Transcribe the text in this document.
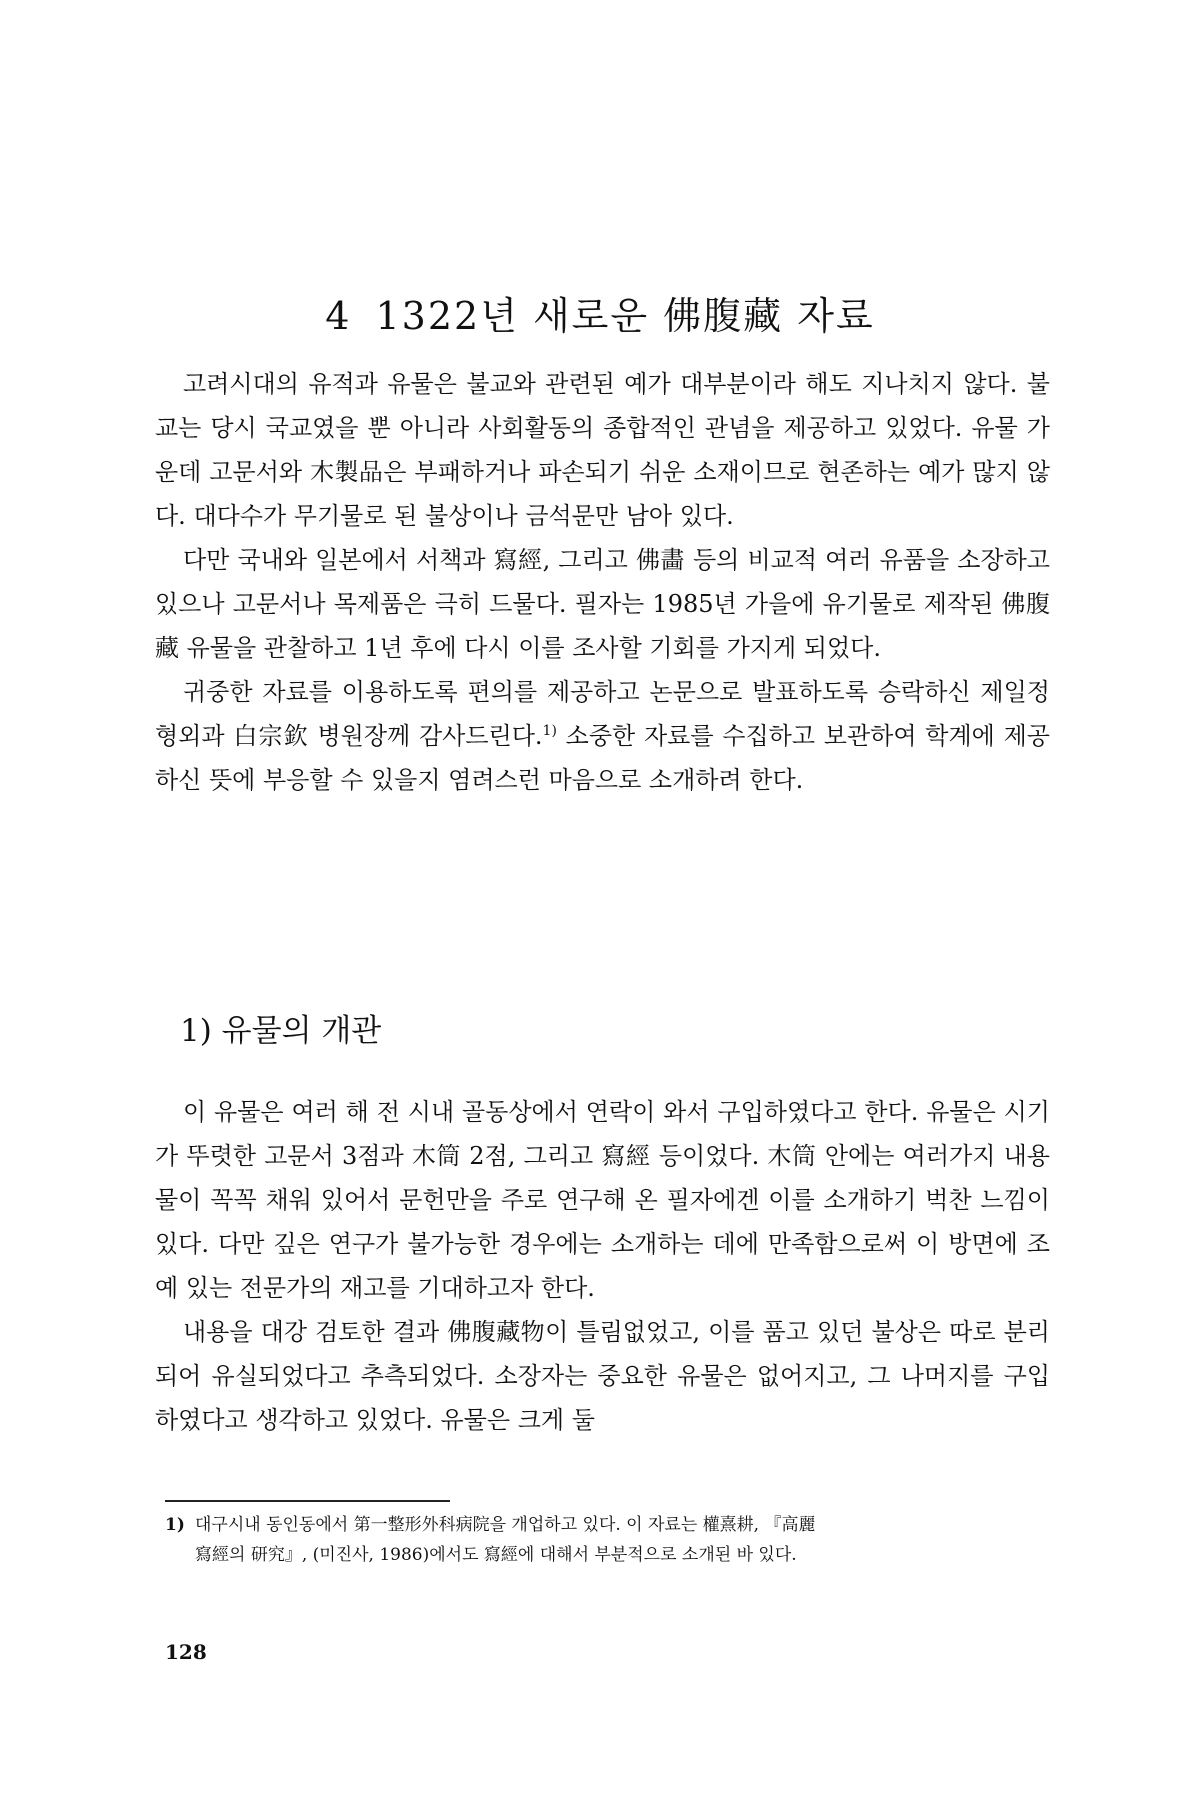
4 1322년 새로운 佛腹藏 자료

고려시대의 유적과 유물은 불교와 관련된 예가 대부분이라 해도 지나치지 않다. 불교는 당시 국교였을 뿐 아니라 사회활동의 종합적인 관념을 제공하고 있었다. 유물 가운데 고문서와 木製品은 부패하거나 파손되기 쉬운 소재이므로 현존하는 예가 많지 않다. 대다수가 무기물로 된 불상이나 금석문만 남아 있다.

다만 국내와 일본에서 서책과 寫經, 그리고 佛畵 등의 비교적 여러 유품을 소장하고 있으나 고문서나 목제품은 극히 드물다. 필자는 1985년 가을에 유기물로 제작된 佛腹藏 유물을 관찰하고 1년 후에 다시 이를 조사할 기회를 가지게 되었다.

귀중한 자료를 이용하도록 편의를 제공하고 논문으로 발표하도록 승락하신 제일정형외과 白宗欽 병원장께 감사드린다.$^{1)}$ 소중한 자료를 수집하고 보관하여 학계에 제공하신 뜻에 부응할 수 있을지 염려스런 마음으로 소개하려 한다.

1) 유물의 개관

이 유물은 여러 해 전 시내 골동상에서 연락이 와서 구입하였다고 한다. 유물은 시기가 뚜렷한 고문서 3점과 木筒 2점, 그리고 寫經 등이었다. 木筒 안에는 여러가지 내용물이 꼭꼭 채워 있어서 문헌만을 주로 연구해 온 필자에겐 이를 소개하기 벅찬 느낌이 있다. 다만 깊은 연구가 불가능한 경우에는 소개하는 데에 만족함으로써 이 방면에 조예 있는 전문가의 재고를 기대하고자 한다.

내용을 대강 검토한 결과 佛腹藏物이 틀림없었고, 이를 품고 있던 불상은 따로 분리되어 유실되었다고 추측되었다. 소장자는 중요한 유물은 없어지고, 그 나머지를 구입하였다고 생각하고 있었다. 유물은 크게 둘

1) 대구시내 동인동에서 第一整形外科病院을 개업하고 있다. 이 자료는 權熹耕, 『高麗
寫經의 研究』, (미진사, 1986)에서도 寫經에 대해서 부분적으로 소개된 바 있다.
128
